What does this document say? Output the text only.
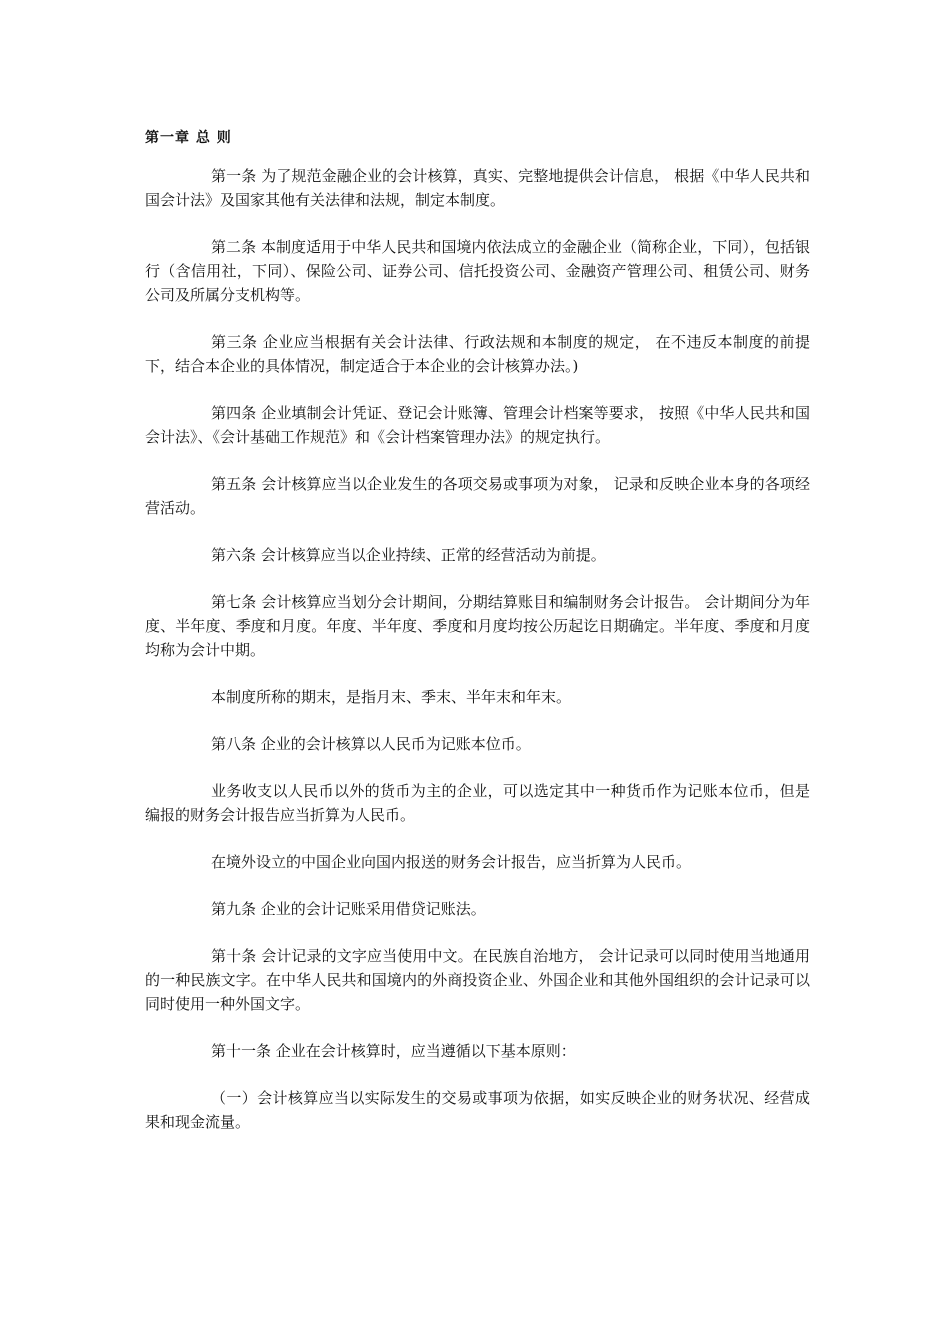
第一章 总 则

第一条 为了规范金融企业的会计核算，真实、完整地提供会计信息， 根据《中华人民共和国会计法》及国家其他有关法律和法规，制定本制度。

第二条 本制度适用于中华人民共和国境内依法成立的金融企业（简称企业，下同），包括银行（含信用社，下同）、保险公司、证券公司、信托投资公司、金融资产管理公司、租赁公司、财务公司及所属分支机构等。

第三条 企业应当根据有关会计法律、行政法规和本制度的规定， 在不违反本制度的前提下，结合本企业的具体情况，制定适合于本企业的会计核算办法。)

第四条 企业填制会计凭证、登记会计账簿、管理会计档案等要求， 按照《中华人民共和国会计法》、《会计基础工作规范》和《会计档案管理办法》的规定执行。

第五条 会计核算应当以企业发生的各项交易或事项为对象， 记录和反映企业本身的各项经营活动。

第六条 会计核算应当以企业持续、正常的经营活动为前提。

第七条 会计核算应当划分会计期间，分期结算账目和编制财务会计报告。 会计期间分为年度、半年度、季度和月度。年度、半年度、季度和月度均按公历起讫日期确定。半年度、季度和月度均称为会计中期。

本制度所称的期末，是指月末、季末、半年末和年末。

第八条 企业的会计核算以人民币为记账本位币。

业务收支以人民币以外的货币为主的企业，可以选定其中一种货币作为记账本位币，但是编报的财务会计报告应当折算为人民币。

在境外设立的中国企业向国内报送的财务会计报告，应当折算为人民币。

第九条 企业的会计记账采用借贷记账法。

第十条 会计记录的文字应当使用中文。在民族自治地方， 会计记录可以同时使用当地通用的一种民族文字。在中华人民共和国境内的外商投资企业、外国企业和其他外国组织的会计记录可以同时使用一种外国文字。

第十一条 企业在会计核算时，应当遵循以下基本原则：

（一）会计核算应当以实际发生的交易或事项为依据，如实反映企业的财务状况、经营成果和现金流量。
